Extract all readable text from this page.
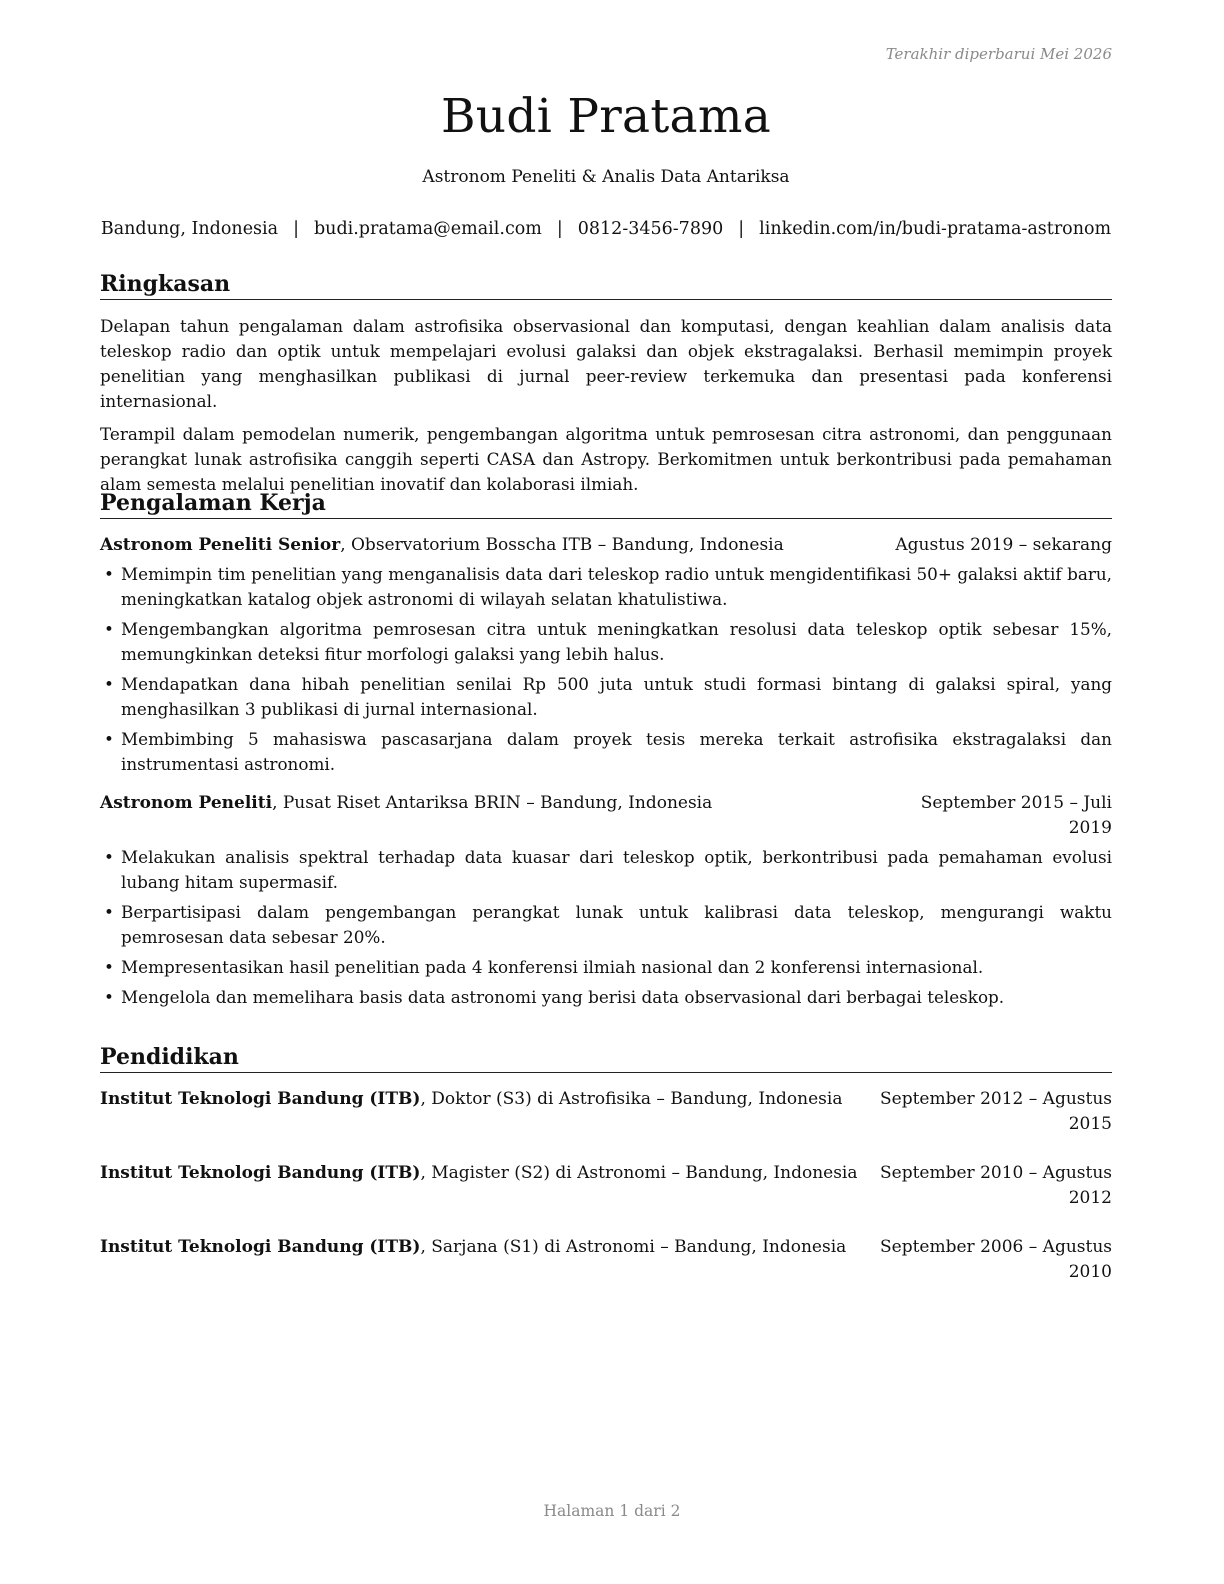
Terakhir diperbarui Mei 2026
Budi Pratama
Astronom Peneliti & Analis Data Antariksa
Bandung, Indonesia | budi.pratama@email.com | 0812-3456-7890 | linkedin.com/in/budi-pratama-astronom
Ringkasan

Delapan tahun pengalaman dalam astrofisika observasional dan komputasi, dengan keahlian dalam analisis data teleskop radio dan optik untuk mempelajari evolusi galaksi dan objek ekstragalaksi. Berhasil memimpin proyek penelitian yang menghasilkan publikasi di jurnal peer-review terkemuka dan presentasi pada konferensi internasional.

Terampil dalam pemodelan numerik, pengembangan algoritma untuk pemrosesan citra astronomi, dan penggunaan perangkat lunak astrofisika canggih seperti CASA dan Astropy. Berkomitmen untuk berkontribusi pada pemahaman alam semesta melalui penelitian inovatif dan kolaborasi ilmiah.

Pengalaman Kerja
Astronom Peneliti Senior, Observatorium Bosscha ITB – Bandung, Indonesia	Agustus 2019 – sekarang
• Memimpin tim penelitian yang menganalisis data dari teleskop radio untuk mengidentifikasi 50+ galaksi aktif baru, meningkatkan katalog objek astronomi di wilayah selatan khatulistiwa.
• Mengembangkan algoritma pemrosesan citra untuk meningkatkan resolusi data teleskop optik sebesar 15%, memungkinkan deteksi fitur morfologi galaksi yang lebih halus.
• Mendapatkan dana hibah penelitian senilai Rp 500 juta untuk studi formasi bintang di galaksi spiral, yang menghasilkan 3 publikasi di jurnal internasional.
• Membimbing 5 mahasiswa pascasarjana dalam proyek tesis mereka terkait astrofisika ekstragalaksi dan instrumentasi astronomi.
Astronom Peneliti, Pusat Riset Antariksa BRIN – Bandung, Indonesia	September 2015 – Juli 2019
• Melakukan analisis spektral terhadap data kuasar dari teleskop optik, berkontribusi pada pemahaman evolusi lubang hitam supermasif.
• Berpartisipasi dalam pengembangan perangkat lunak untuk kalibrasi data teleskop, mengurangi waktu pemrosesan data sebesar 20%.
• Mempresentasikan hasil penelitian pada 4 konferensi ilmiah nasional dan 2 konferensi internasional.
• Mengelola dan memelihara basis data astronomi yang berisi data observasional dari berbagai teleskop.
Pendidikan
Institut Teknologi Bandung (ITB), Doktor (S3) di Astrofisika – Bandung, Indonesia	September 2012 – Agustus 2015
Institut Teknologi Bandung (ITB), Magister (S2) di Astronomi – Bandung, Indonesia	September 2010 – Agustus 2012
Institut Teknologi Bandung (ITB), Sarjana (S1) di Astronomi – Bandung, Indonesia	September 2006 – Agustus 2010
Halaman 1 dari 2
